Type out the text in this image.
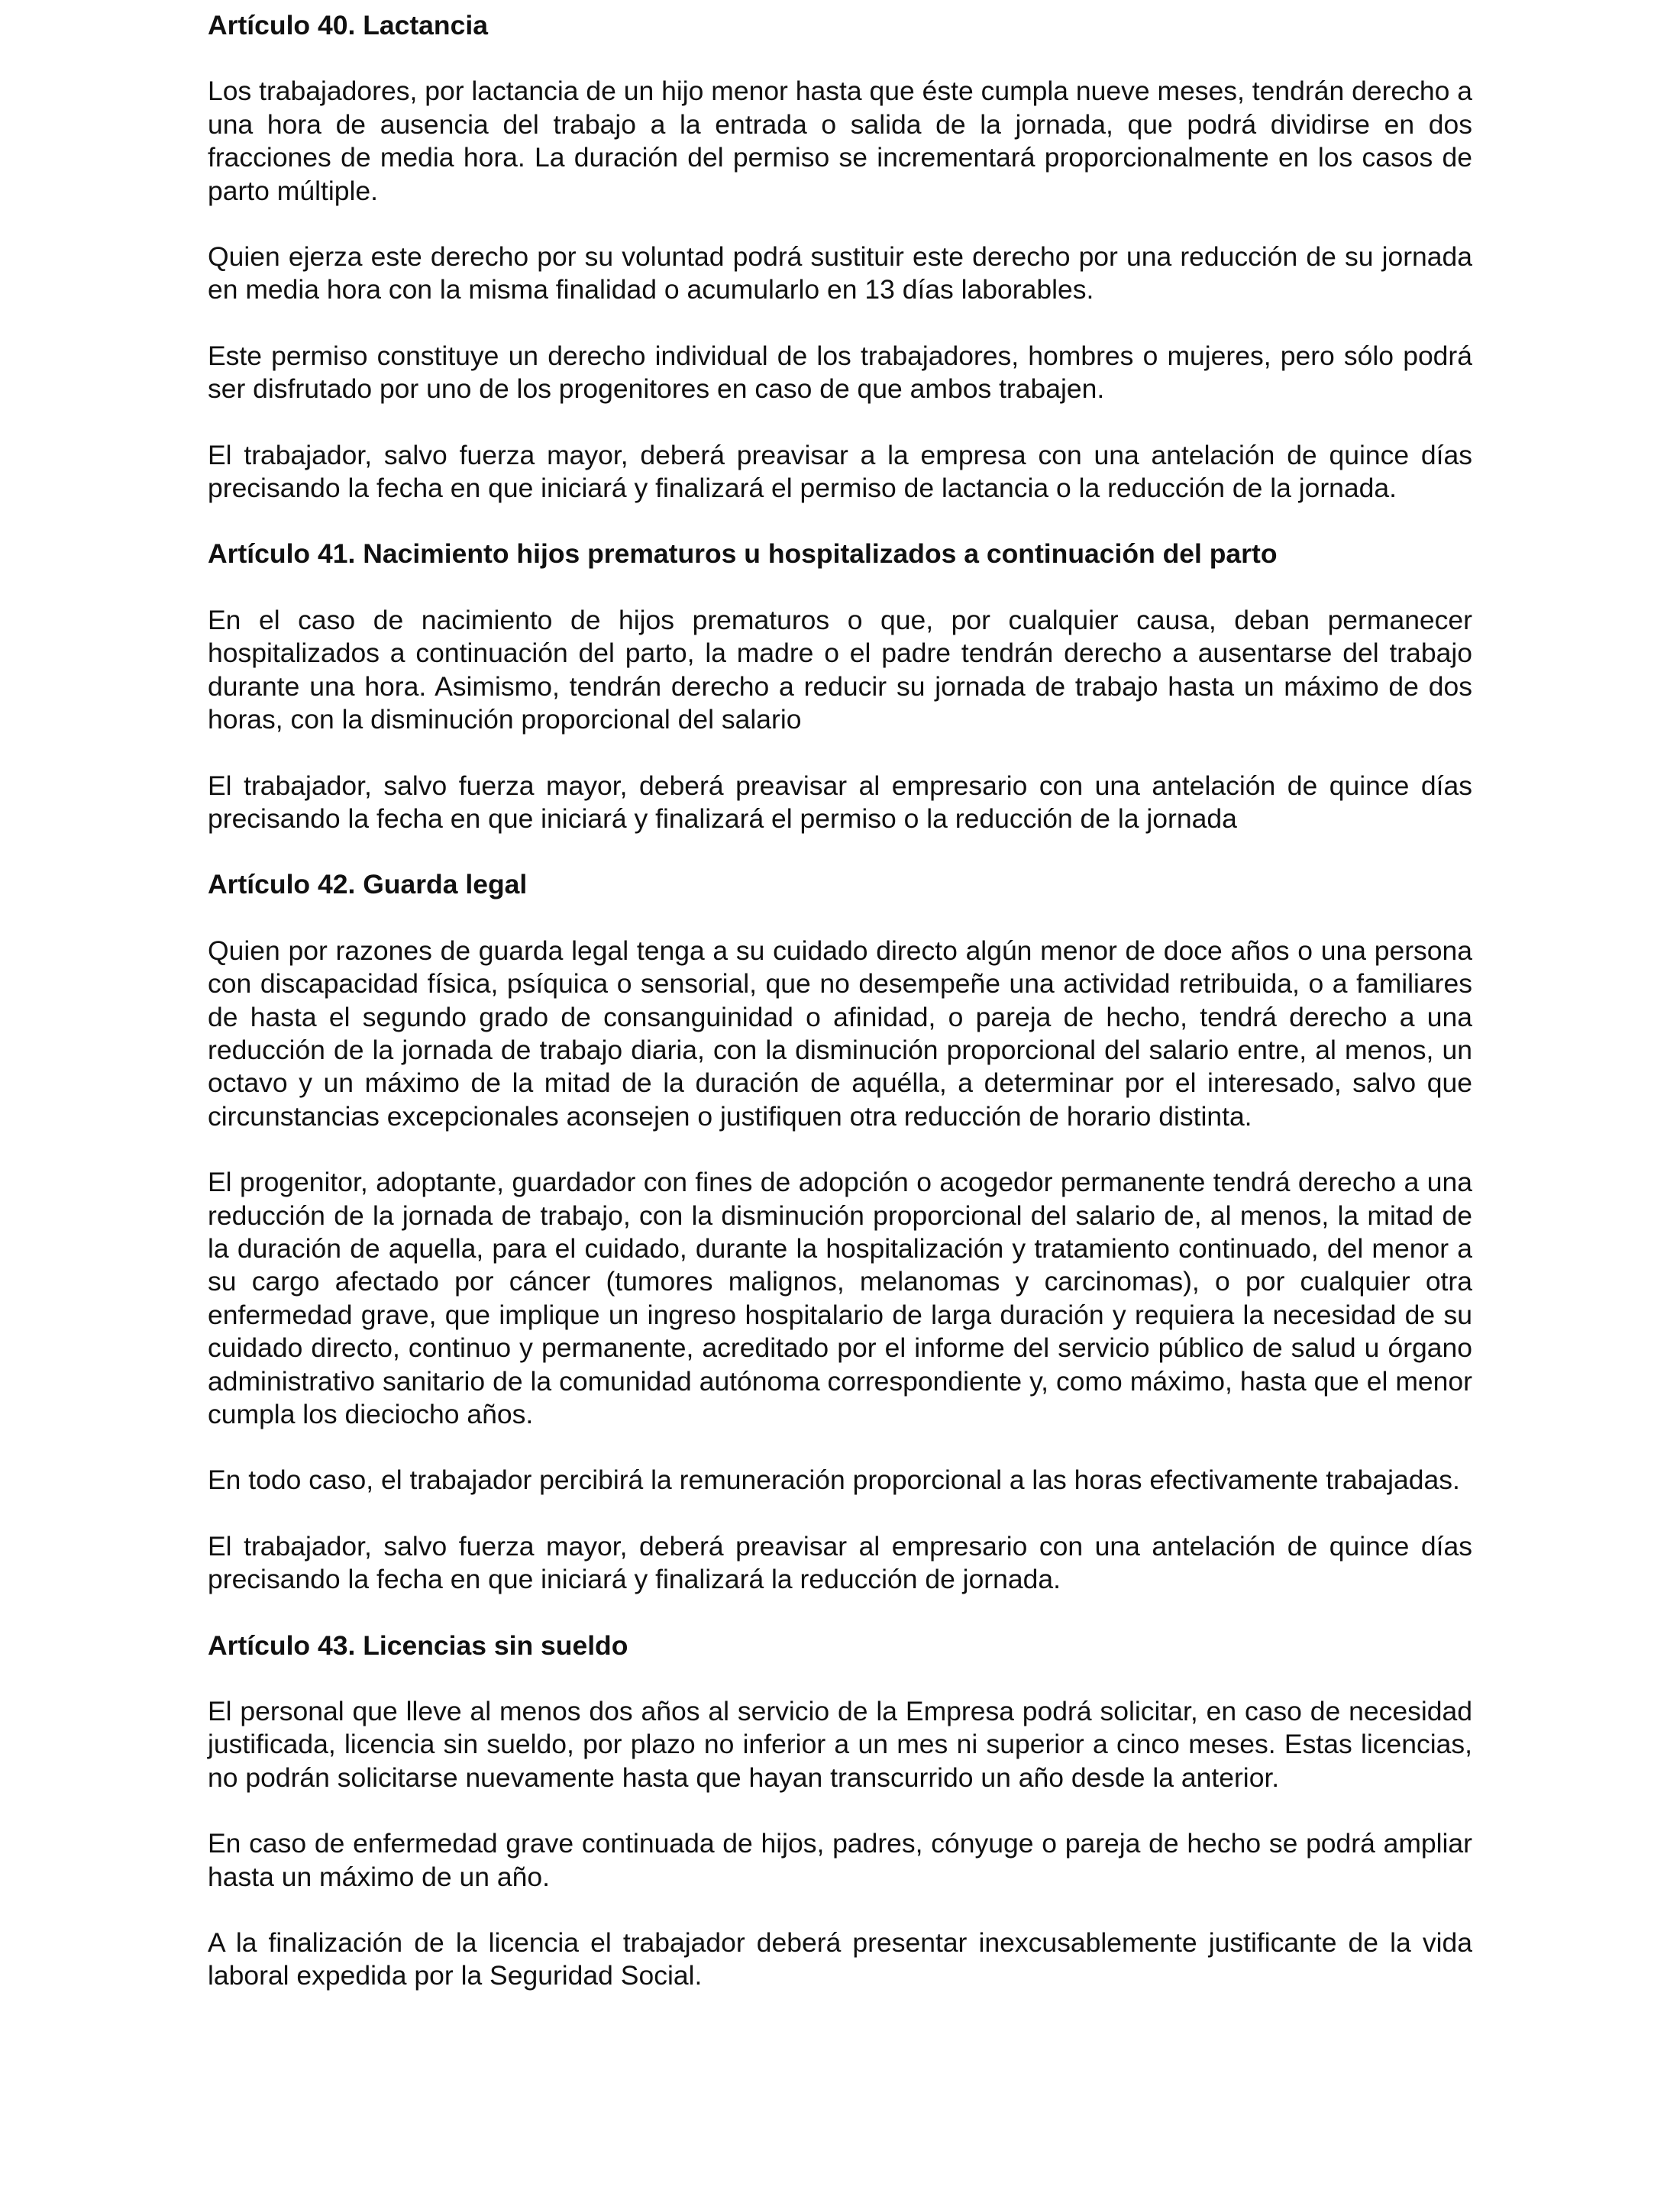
Artículo 40. Lactancia

Los trabajadores, por lactancia de un hijo menor hasta que éste cumpla nueve meses, tendrán derecho a una hora de ausencia del trabajo a la entrada o salida de la jornada, que podrá dividirse en dos fracciones de media hora. La duración del permiso se incrementará proporcionalmente en los casos de parto múltiple.

Quien ejerza este derecho por su voluntad podrá sustituir este derecho por una reducción de su jornada en media hora con la misma finalidad o acumularlo en 13 días laborables.

Este permiso constituye un derecho individual de los trabajadores, hombres o mujeres, pero sólo podrá ser disfrutado por uno de los progenitores en caso de que ambos trabajen.

El trabajador, salvo fuerza mayor, deberá preavisar a la empresa con una antelación de quince días precisando la fecha en que iniciará y finalizará el permiso de lactancia o la reducción de la jornada.

Artículo 41. Nacimiento hijos prematuros u hospitalizados a continuación del parto

En el caso de nacimiento de hijos prematuros o que, por cualquier causa, deban permanecer hospitalizados a continuación del parto, la madre o el padre tendrán derecho a ausentarse del trabajo durante una hora. Asimismo, tendrán derecho a reducir su jornada de trabajo hasta un máximo de dos horas, con la disminución proporcional del salario

El trabajador, salvo fuerza mayor, deberá preavisar al empresario con una antelación de quince días precisando la fecha en que iniciará y finalizará el permiso o la reducción de la jornada

Artículo 42. Guarda legal

Quien por razones de guarda legal tenga a su cuidado directo algún menor de doce años o una persona con discapacidad física, psíquica o sensorial, que no desempeñe una actividad retribuida, o a familiares de hasta el segundo grado de consanguinidad o afinidad, o pareja de hecho, tendrá derecho a una reducción de la jornada de trabajo diaria, con la disminución proporcional del salario entre, al menos, un octavo y un máximo de la mitad de la duración de aquélla, a determinar por el interesado, salvo que circunstancias excepcionales aconsejen o justifiquen otra reducción de horario distinta.

El progenitor, adoptante, guardador con fines de adopción o acogedor permanente tendrá derecho a una reducción de la jornada de trabajo, con la disminución proporcional del salario de, al menos, la mitad de la duración de aquella, para el cuidado, durante la hospitalización y tratamiento continuado, del menor a su cargo afectado por cáncer (tumores malignos, melanomas y carcinomas), o por cualquier otra enfermedad grave, que implique un ingreso hospitalario de larga duración y requiera la necesidad de su cuidado directo, continuo y permanente, acreditado por el informe del servicio público de salud u órgano administrativo sanitario de la comunidad autónoma correspondiente y, como máximo, hasta que el menor cumpla los dieciocho años.

En todo caso, el trabajador percibirá la remuneración proporcional a las horas efectivamente trabajadas.

El trabajador, salvo fuerza mayor, deberá preavisar al empresario con una antelación de quince días precisando la fecha en que iniciará y finalizará la reducción de jornada.

Artículo 43. Licencias sin sueldo

El personal que lleve al menos dos años al servicio de la Empresa podrá solicitar, en caso de necesidad justificada, licencia sin sueldo, por plazo no inferior a un mes ni superior a cinco meses. Estas licencias, no podrán solicitarse nuevamente hasta que hayan transcurrido un año desde la anterior.

En caso de enfermedad grave continuada de hijos, padres, cónyuge o pareja de hecho se podrá ampliar hasta un máximo de un año.

A la finalización de la licencia el trabajador deberá presentar inexcusablemente justificante de la vida laboral expedida por la Seguridad Social.
